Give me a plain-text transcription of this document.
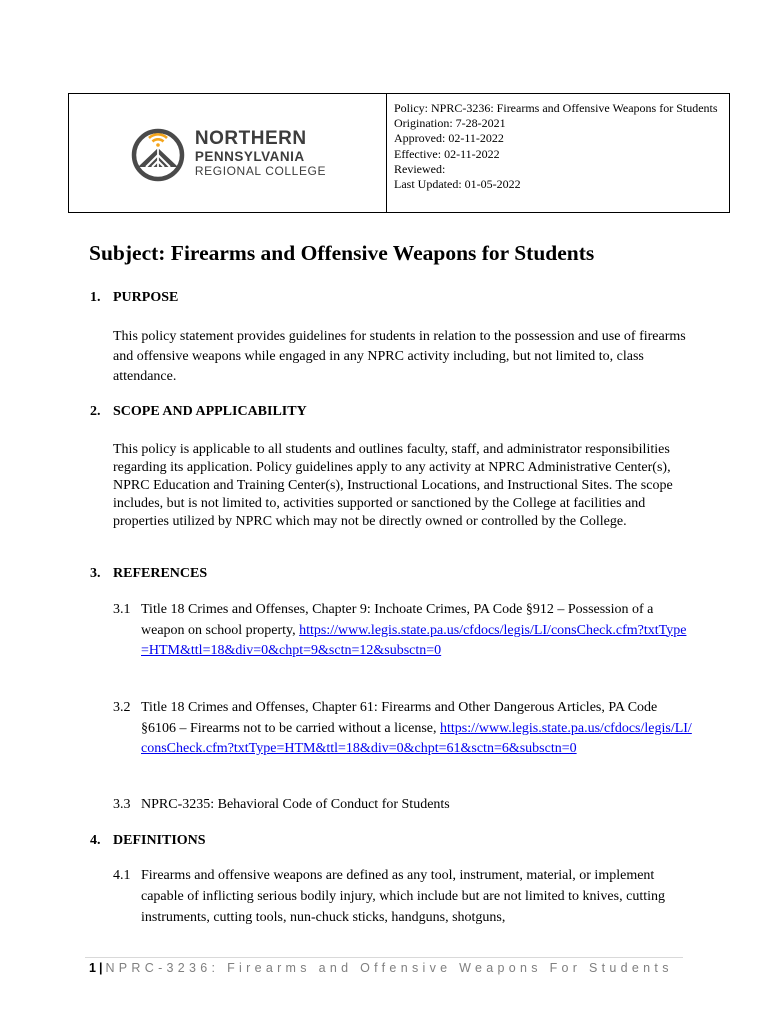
NORTHERN
PENNSYLVANIA
REGIONAL COLLEGE
Policy: NPRC-3236: Firearms and Offensive Weapons for Students
Origination: 7-28-2021
Approved: 02-11-2022
Effective: 02-11-2022
Reviewed:
Last Updated: 01-05-2022
Subject: Firearms and Offensive Weapons for Students
1. PURPOSE

This policy statement provides guidelines for students in relation to the possession and use of firearms and offensive weapons while engaged in any NPRC activity including, but not limited to, class attendance.

2. SCOPE AND APPLICABILITY

This policy is applicable to all students and outlines faculty, staff, and administrator responsibilities regarding its application. Policy guidelines apply to any activity at NPRC Administrative Center(s), NPRC Education and Training Center(s), Instructional Locations, and Instructional Sites. The scope includes, but is not limited to, activities supported or sanctioned by the College at facilities and properties utilized by NPRC which may not be directly owned or controlled by the College.

3. REFERENCES
3.1 Title 18 Crimes and Offenses, Chapter 9: Inchoate Crimes, PA Code §912 – Possession of a weapon on school property, https://www.legis.state.pa.us/cfdocs/legis/LI/consCheck.cfm?txtType=HTM&ttl=18&div=0&chpt=9&sctn=12&subsctn=0
3.2 Title 18 Crimes and Offenses, Chapter 61: Firearms and Other Dangerous Articles, PA Code §6106 – Firearms not to be carried without a license, https://www.legis.state.pa.us/cfdocs/legis/LI/consCheck.cfm?txtType=HTM&ttl=18&div=0&chpt=61&sctn=6&subsctn=0
3.3 NPRC-3235: Behavioral Code of Conduct for Students
4. DEFINITIONS
4.1 Firearms and offensive weapons are defined as any tool, instrument, material, or implement capable of inflicting serious bodily injury, which include but are not limited to knives, cutting instruments, cutting tools, nun-chuck sticks, handguns, shotguns,
1 | NPRC-3236: Firearms and Offensive Weapons For Students
